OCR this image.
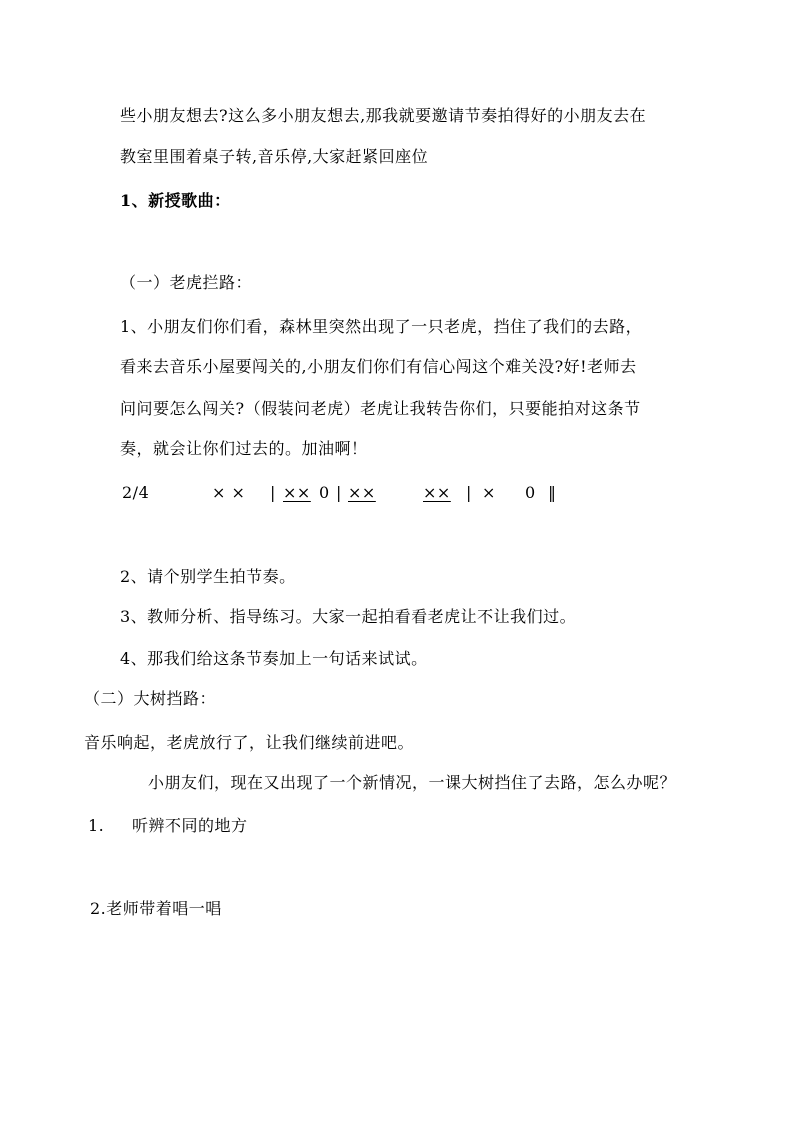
些小朋友想去?这么多小朋友想去,那我就要邀请节奏拍得好的小朋友去在
教室里围着桌子转,音乐停,大家赶紧回座位
1、新授歌曲：
（一）老虎拦路：
1、小朋友们你们看，森林里突然出现了一只老虎，挡住了我们的去路，
看来去音乐小屋要闯关的,小朋友们你们有信心闯这个难关没?好!老师去
问问要怎么闯关?（假装问老虎）老虎让我转告你们，只要能拍对这条节
奏，就会让你们过去的。加油啊！
2/4	× × | ×× 0 | ××	×× | × 0 ‖
2、请个别学生拍节奏。
3、教师分析、指导练习。大家一起拍看看老虎让不让我们过。
4、那我们给这条节奏加上一句话来试试。
（二）大树挡路：
音乐响起，老虎放行了，让我们继续前进吧。
小朋友们，现在又出现了一个新情况，一课大树挡住了去路，怎么办呢？
1. 听辨不同的地方
2.老师带着唱一唱
